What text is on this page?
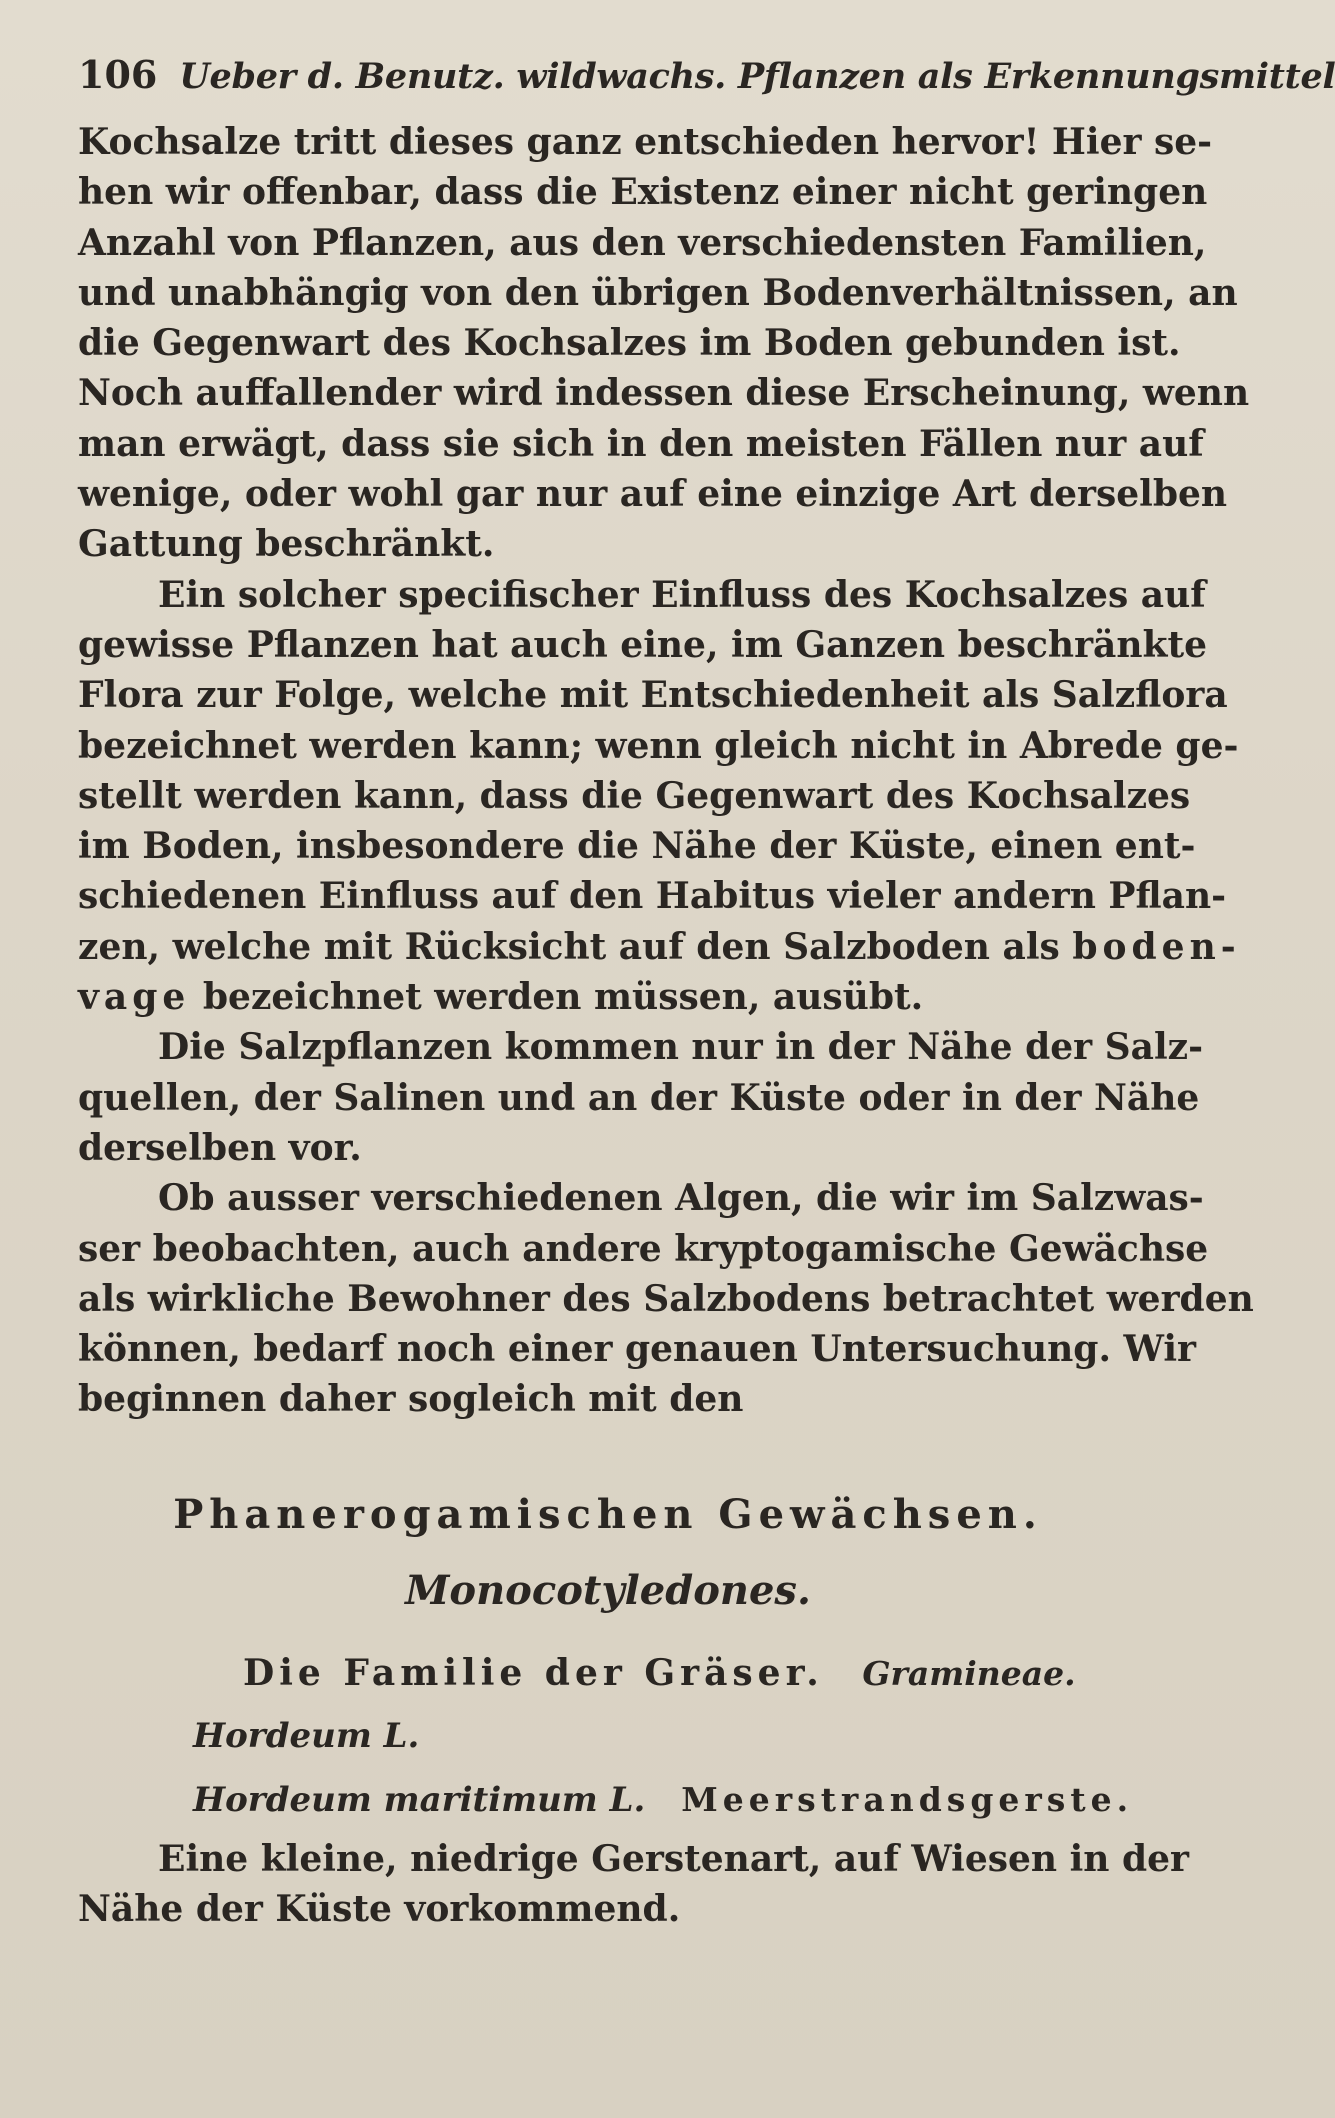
106 Ueber d. Benutz. wildwachs. Pflanzen als Erkennungsmittel

Kochsalze tritt dieses ganz entschieden hervor! Hier se-
hen wir offenbar, dass die Existenz einer nicht geringen
Anzahl von Pflanzen, aus den verschiedensten Familien,
und unabhängig von den übrigen Bodenverhältnissen, an
die Gegenwart des Kochsalzes im Boden gebunden ist.
Noch auffallender wird indessen diese Erscheinung, wenn
man erwägt, dass sie sich in den meisten Fällen nur auf
wenige, oder wohl gar nur auf eine einzige Art derselben
Gattung beschränkt.

Ein solcher specifischer Einfluss des Kochsalzes auf
gewisse Pflanzen hat auch eine, im Ganzen beschränkte
Flora zur Folge, welche mit Entschiedenheit als Salzflora
bezeichnet werden kann; wenn gleich nicht in Abrede ge-
stellt werden kann, dass die Gegenwart des Kochsalzes
im Boden, insbesondere die Nähe der Küste, einen ent-
schiedenen Einfluss auf den Habitus vieler andern Pflan-
zen, welche mit Rücksicht auf den Salzboden als boden-
vage bezeichnet werden müssen, ausübt.

Die Salzpflanzen kommen nur in der Nähe der Salz-
quellen, der Salinen und an der Küste oder in der Nähe
derselben vor.

Ob ausser verschiedenen Algen, die wir im Salzwas-
ser beobachten, auch andere kryptogamische Gewächse
als wirkliche Bewohner des Salzbodens betrachtet werden
können, bedarf noch einer genauen Untersuchung. Wir
beginnen daher sogleich mit den

Phanerogamischen Gewächsen.
Monocotyledones.
Die Familie der Gräser. Gramineae.
Hordeum L.
Hordeum maritimum L. Meerstrandsgerste.

Eine kleine, niedrige Gerstenart, auf Wiesen in der
Nähe der Küste vorkommend.
